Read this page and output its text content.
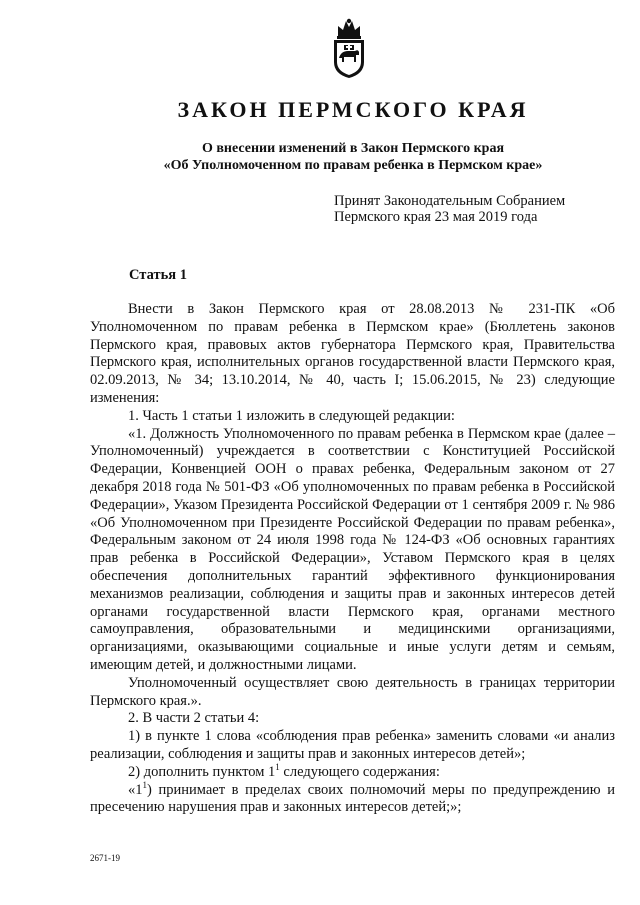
ЗАКОН ПЕРМСКОГО КРАЯ
О внесении изменений в Закон Пермского края
«Об Уполномоченном по правам ребенка в Пермском крае»
Принят Законодательным Собранием
Пермского края 23 мая 2019 года
Статья 1

Внести в Закон Пермского края от 28.08.2013 № 231-ПК «Об Уполномоченном по правам ребенка в Пермском крае» (Бюллетень законов Пермского края, правовых актов губернатора Пермского края, Правительства Пермского края, исполнительных органов государственной власти Пермского края, 02.09.2013, № 34; 13.10.2014, № 40, часть I; 15.06.2015, № 23) следующие изменения:

1. Часть 1 статьи 1 изложить в следующей редакции:

«1. Должность Уполномоченного по правам ребенка в Пермском крае (далее – Уполномоченный) учреждается в соответствии с Конституцией Российской Федерации, Конвенцией ООН о правах ребенка, Федеральным законом от 27 декабря 2018 года № 501-ФЗ «Об уполномоченных по правам ребенка в Российской Федерации», Указом Президента Российской Федерации от 1 сентября 2009 г. № 986 «Об Уполномоченном при Президенте Российской Федерации по правам ребенка», Федеральным законом от 24 июля 1998 года № 124-ФЗ «Об основных гарантиях прав ребенка в Российской Федерации», Уставом Пермского края в целях обеспечения дополнительных гарантий эффективного функционирования механизмов реализации, соблюдения и защиты прав и законных интересов детей органами государственной власти Пермского края, органами местного самоуправления, образовательными и медицинскими организациями, организациями, оказывающими социальные и иные услуги детям и семьям, имеющим детей, и должностными лицами.

Уполномоченный осуществляет свою деятельность в границах территории Пермского края.».

2. В части 2 статьи 4:

1) в пункте 1 слова «соблюдения прав ребенка» заменить словами «и анализ реализации, соблюдения и защиты прав и законных интересов детей»;

2) дополнить пунктом $1^1$ следующего содержания:

«$1^1$) принимает в пределах своих полномочий меры по предупреждению и пресечению нарушения прав и законных интересов детей;»;

2671-19
